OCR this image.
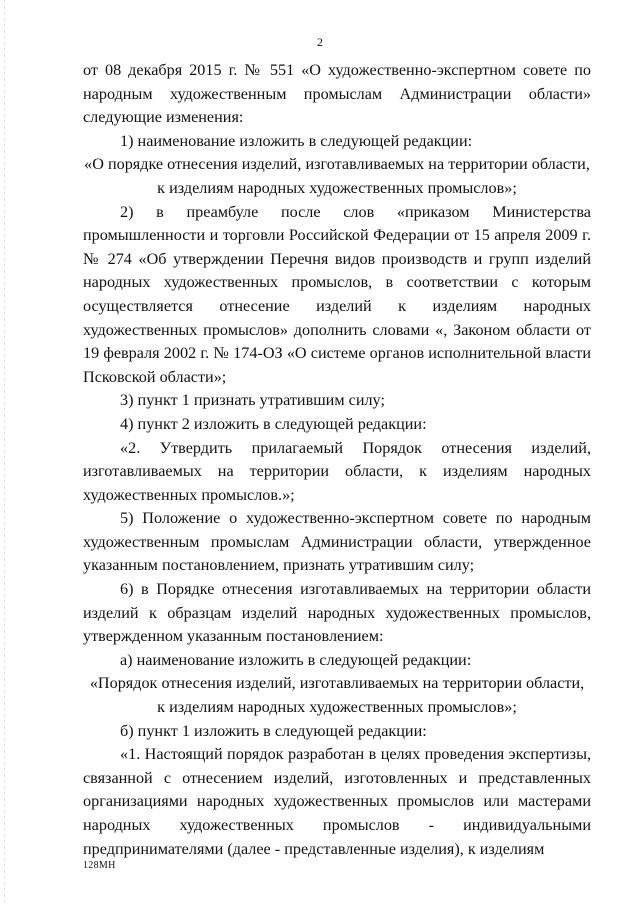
2

от 08 декабря 2015 г. № 551 «О художественно-экспертном совете по народным художественным промыслам Администрации области» следующие изменения:

1) наименование изложить в следующей редакции:

«О порядке отнесения изделий, изготавливаемых на территории области,

к изделиям народных художественных промыслов»;

2) в преамбуле после слов «приказом Министерства промышленности и торговли Российской Федерации от 15 апреля 2009 г. № 274 «Об утверждении Перечня видов производств и групп изделий народных художественных промыслов, в соответствии с которым осуществляется отнесение изделий к изделиям народных художественных промыслов» дополнить словами «, Законом области от 19 февраля 2002 г. № 174-ОЗ «О системе органов исполнительной власти Псковской области»;

3) пункт 1 признать утратившим силу;

4) пункт 2 изложить в следующей редакции:

«2. Утвердить прилагаемый Порядок отнесения изделий, изготавливаемых на территории области, к изделиям народных художественных промыслов.»;

5) Положение о художественно-экспертном совете по народным художественным промыслам Администрации области, утвержденное указанным постановлением, признать утратившим силу;

6) в Порядке отнесения изготавливаемых на территории области изделий к образцам изделий народных художественных промыслов, утвержденном указанным постановлением:

а) наименование изложить в следующей редакции:

«Порядок отнесения изделий, изготавливаемых на территории области,

к изделиям народных художественных промыслов»;

б) пункт 1 изложить в следующей редакции:

«1. Настоящий порядок разработан в целях проведения экспертизы, связанной с отнесением изделий, изготовленных и представленных организациями народных художественных промыслов или мастерами народных художественных промыслов - индивидуальными предпринимателями (далее - представленные изделия), к изделиям

128МН
